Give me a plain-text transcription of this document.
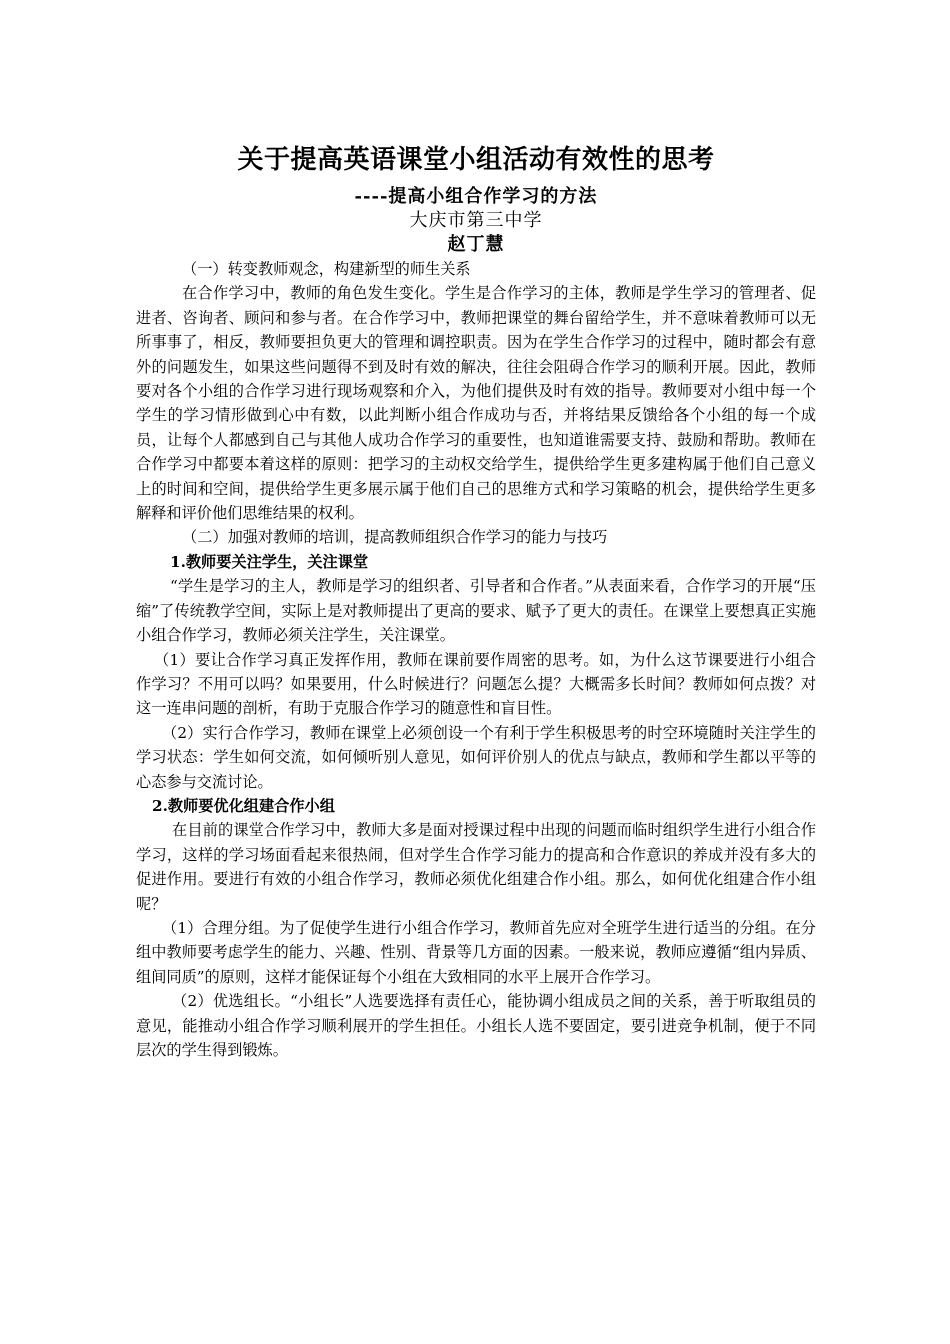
关于提高英语课堂小组活动有效性的思考

----提高小组合作学习的方法

大庆市第三中学

赵丁慧

（一）转变教师观念，构建新型的师生关系

在合作学习中，教师的角色发生变化。学生是合作学习的主体，教师是学生学习的管理者、促进者、咨询者、顾问和参与者。在合作学习中，教师把课堂的舞台留给学生，并不意味着教师可以无所事事了，相反，教师要担负更大的管理和调控职责。因为在学生合作学习的过程中，随时都会有意外的问题发生，如果这些问题得不到及时有效的解决，往往会阻碍合作学习的顺利开展。因此，教师要对各个小组的合作学习进行现场观察和介入，为他们提供及时有效的指导。教师要对小组中每一个学生的学习情形做到心中有数，以此判断小组合作成功与否，并将结果反馈给各个小组的每一个成员，让每个人都感到自己与其他人成功合作学习的重要性，也知道谁需要支持、鼓励和帮助。教师在合作学习中都要本着这样的原则：把学习的主动权交给学生，提供给学生更多建构属于他们自己意义上的时间和空间，提供给学生更多展示属于他们自己的思维方式和学习策略的机会，提供给学生更多解释和评价他们思维结果的权利。

（二）加强对教师的培训，提高教师组织合作学习的能力与技巧

1.教师要关注学生，关注课堂

“学生是学习的主人，教师是学习的组织者、引导者和合作者。”从表面来看，合作学习的开展“压缩”了传统教学空间，实际上是对教师提出了更高的要求、赋予了更大的责任。在课堂上要想真正实施小组合作学习，教师必须关注学生，关注课堂。

（1）要让合作学习真正发挥作用，教师在课前要作周密的思考。如，为什么这节课要进行小组合作学习？不用可以吗？如果要用，什么时候进行？问题怎么提？大概需多长时间？教师如何点拨？对这一连串问题的剖析，有助于克服合作学习的随意性和盲目性。

（2）实行合作学习，教师在课堂上必须创设一个有利于学生积极思考的时空环境随时关注学生的学习状态：学生如何交流，如何倾听别人意见，如何评价别人的优点与缺点，教师和学生都以平等的心态参与交流讨论。

2.教师要优化组建合作小组

在目前的课堂合作学习中，教师大多是面对授课过程中出现的问题而临时组织学生进行小组合作学习，这样的学习场面看起来很热闹，但对学生合作学习能力的提高和合作意识的养成并没有多大的促进作用。要进行有效的小组合作学习，教师必须优化组建合作小组。那么，如何优化组建合作小组呢？

（1）合理分组。为了促使学生进行小组合作学习，教师首先应对全班学生进行适当的分组。在分组中教师要考虑学生的能力、兴趣、性别、背景等几方面的因素。一般来说，教师应遵循“组内异质、组间同质”的原则，这样才能保证每个小组在大致相同的水平上展开合作学习。

（2）优选组长。“小组长”人选要选择有责任心，能协调小组成员之间的关系，善于听取组员的意见，能推动小组合作学习顺利展开的学生担任。小组长人选不要固定，要引进竞争机制，便于不同层次的学生得到锻炼。
